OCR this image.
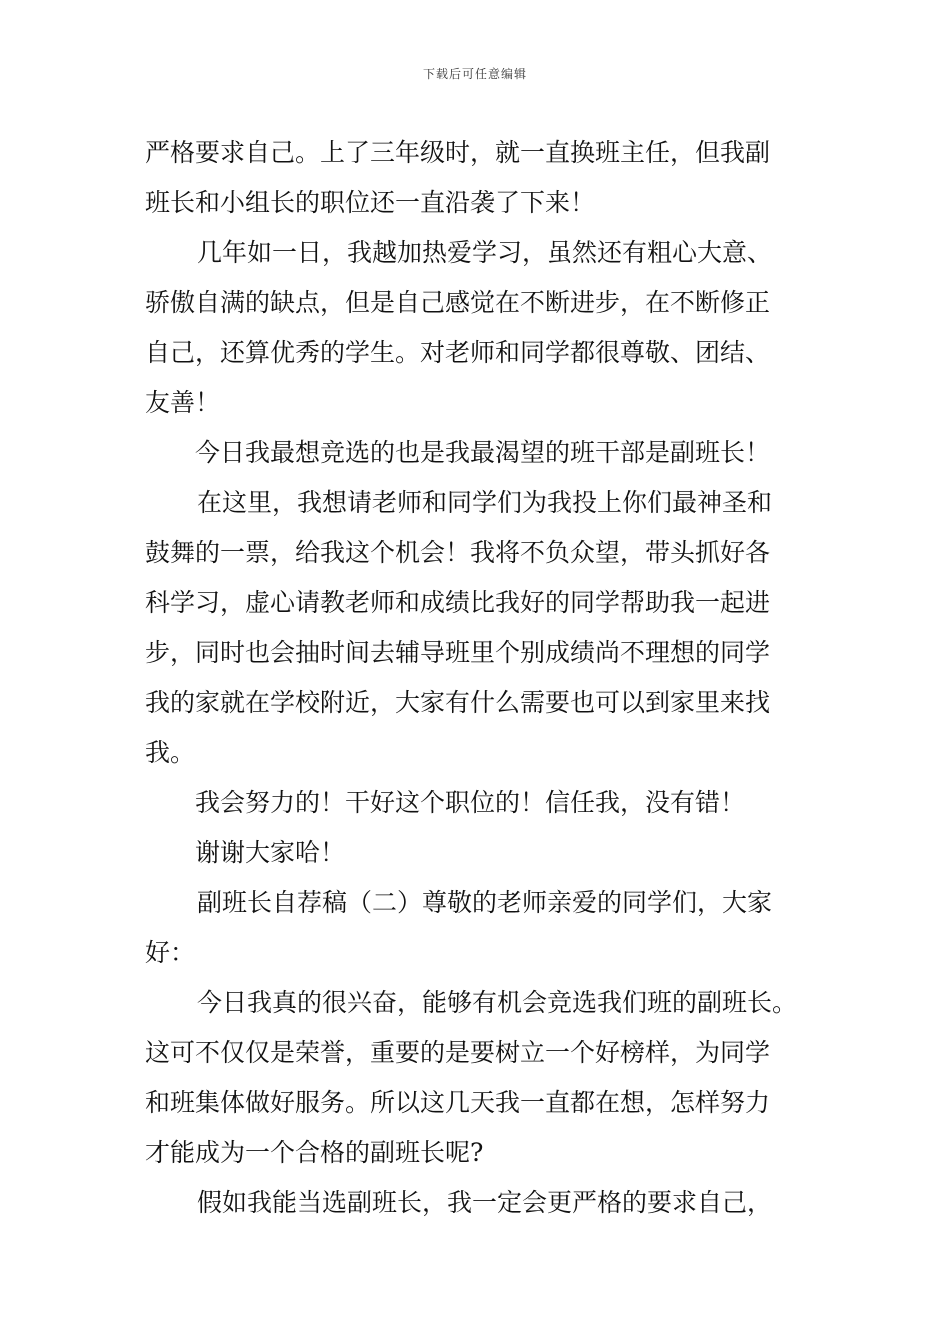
下载后可任意编辑
严格要求自己。上了三年级时，就一直换班主任，但我副
班长和小组长的职位还一直沿袭了下来！
几年如一日，我越加热爱学习，虽然还有粗心大意、
骄傲自满的缺点，但是自己感觉在不断进步，在不断修正
自己，还算优秀的学生。对老师和同学都很尊敬、团结、
友善！
今日我最想竞选的也是我最渴望的班干部是副班长！
在这里，我想请老师和同学们为我投上你们最神圣和
鼓舞的一票，给我这个机会！我将不负众望，带头抓好各
科学习，虚心请教老师和成绩比我好的同学帮助我一起进
步，同时也会抽时间去辅导班里个别成绩尚不理想的同学
我的家就在学校附近，大家有什么需要也可以到家里来找
我。
我会努力的！干好这个职位的！信任我，没有错！
谢谢大家哈！
副班长自荐稿（二）尊敬的老师亲爱的同学们，大家
好：
今日我真的很兴奋，能够有机会竞选我们班的副班长。
这可不仅仅是荣誉，重要的是要树立一个好榜样，为同学
和班集体做好服务。所以这几天我一直都在想，怎样努力
才能成为一个合格的副班长呢?
假如我能当选副班长，我一定会更严格的要求自己，
